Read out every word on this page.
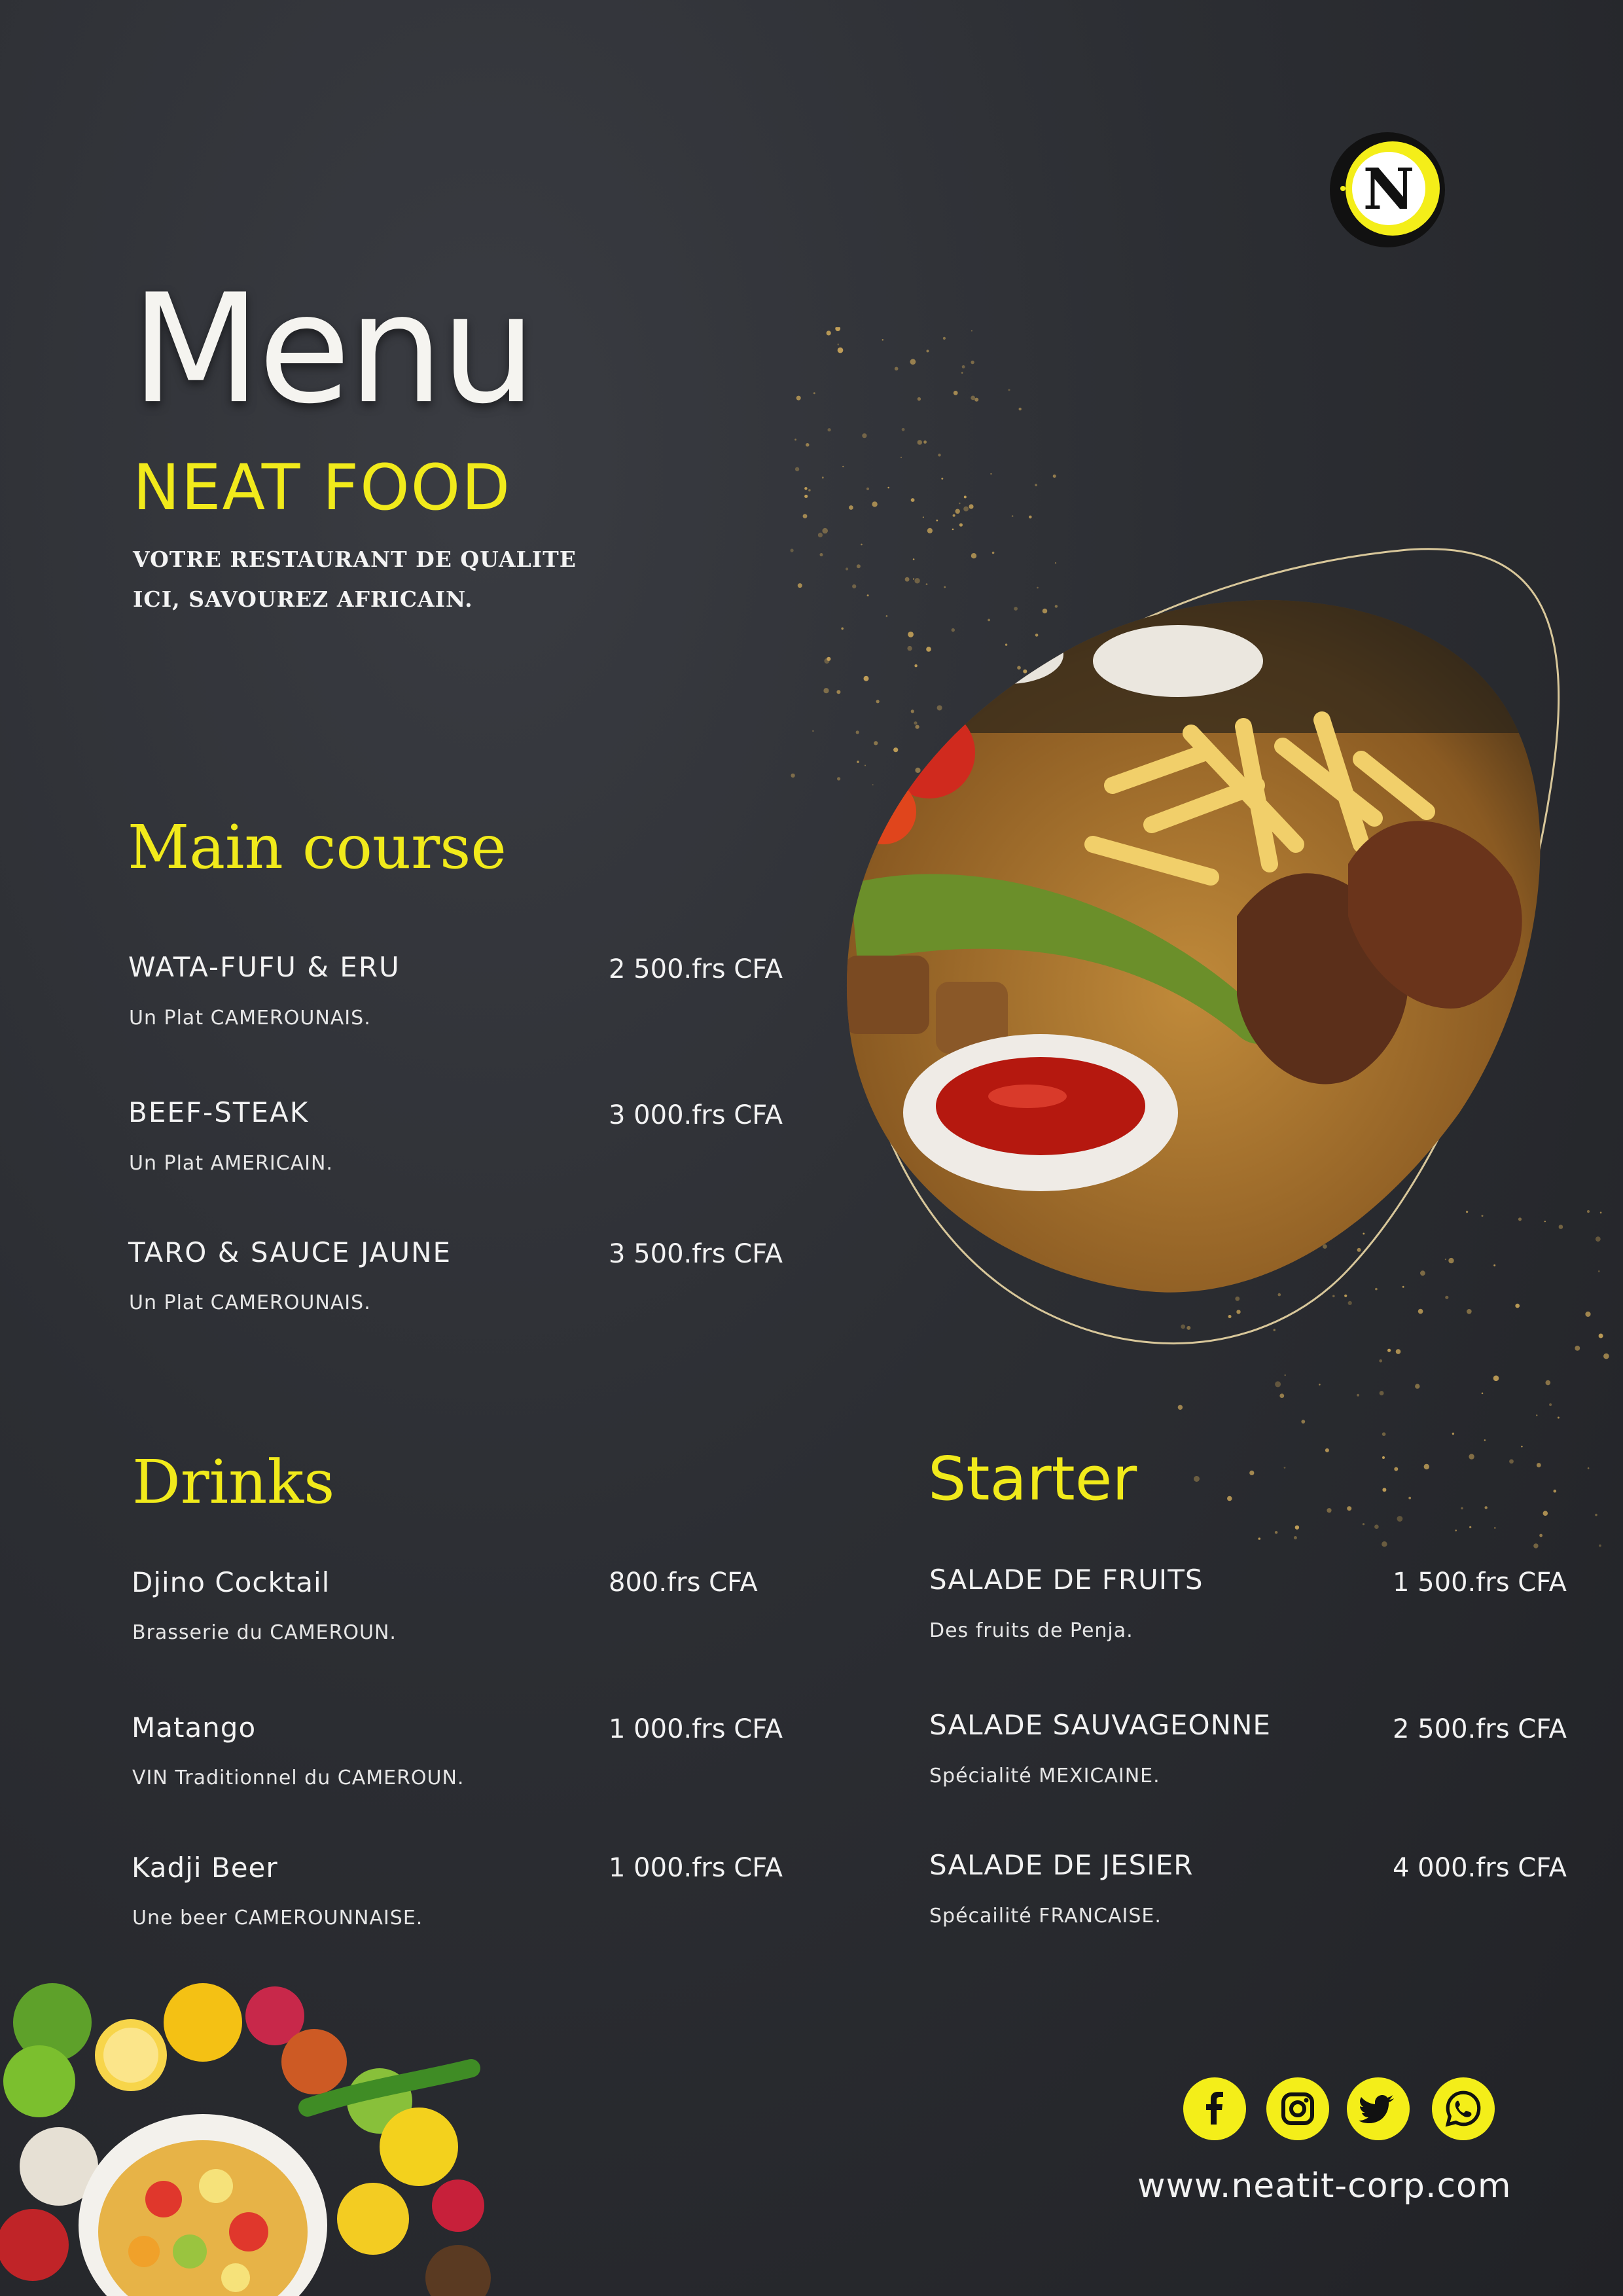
N
Menu
NEAT FOOD
VOTRE RESTAURANT DE QUALITE
ICI, SAVOUREZ AFRICAIN.
Main course
WATA-FUFU & ERU	2 500.frs CFA
Un Plat CAMEROUNAIS.
BEEF-STEAK	3 000.frs CFA
Un Plat AMERICAIN.
TARO & SAUCE JAUNE	3 500.frs CFA
Un Plat CAMEROUNAIS.
Drinks
Djino Cocktail	800.frs CFA
Brasserie du CAMEROUN.
Matango	1 000.frs CFA
VIN Traditionnel du CAMEROUN.
Kadji Beer	1 000.frs CFA
Une beer CAMEROUNNAISE.
Starter
SALADE DE FRUITS	1 500.frs CFA
Des fruits de Penja.
SALADE SAUVAGEONNE	2 500.frs CFA
Spécialité MEXICAINE.
SALADE DE JESIER	4 000.frs CFA
Spécailité FRANCAISE.
www.neatit-corp.com
